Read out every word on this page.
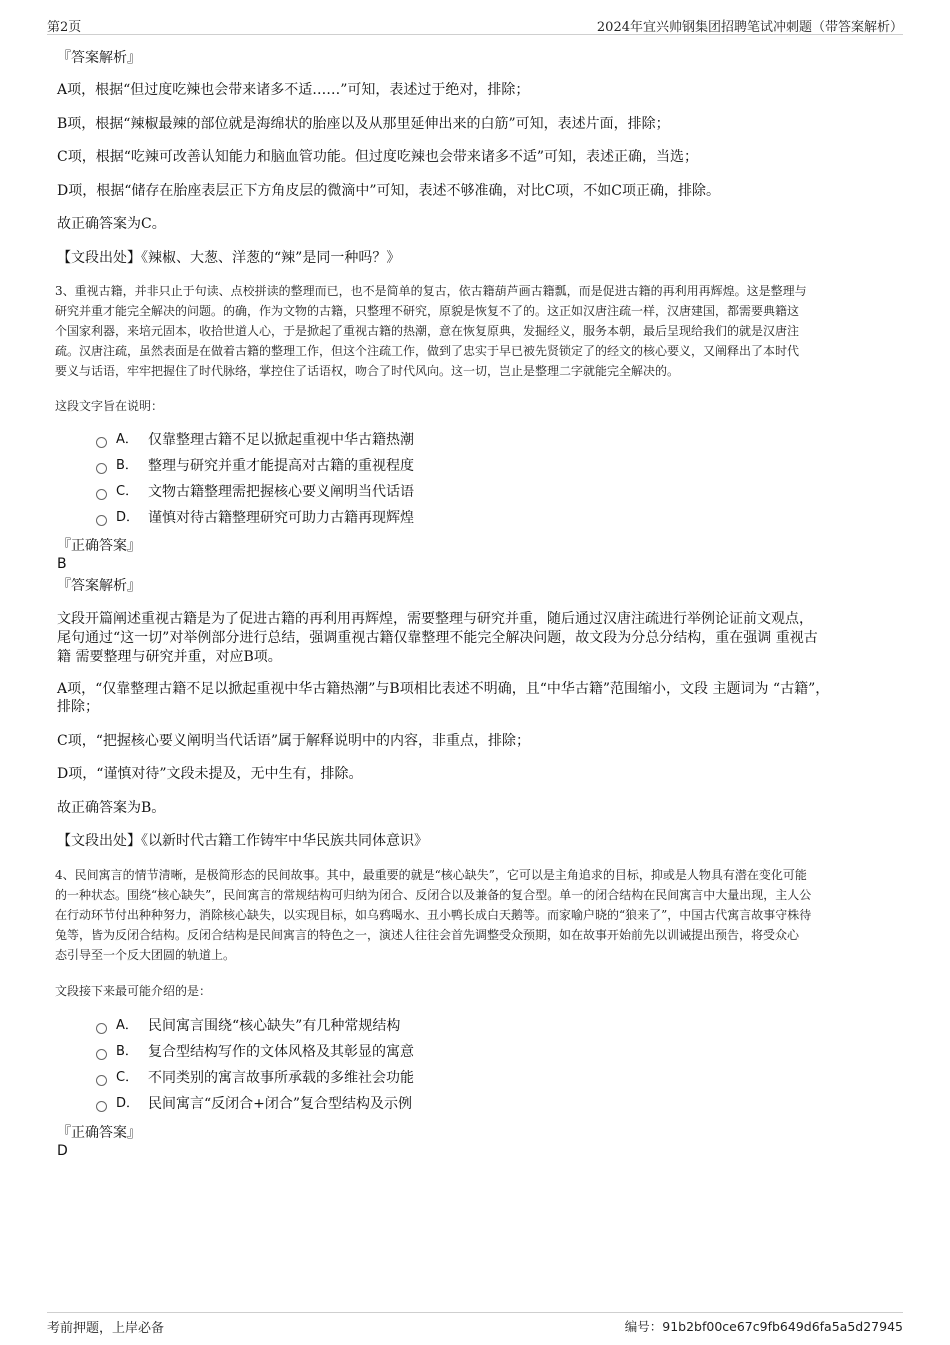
第2页	2024年宜兴帅钢集团招聘笔试冲刺题（带答案解析）
『答案解析』
A项，根据“但过度吃辣也会带来诸多不适……”可知，表述过于绝对，排除；
B项，根据“辣椒最辣的部位就是海绵状的胎座以及从那里延伸出来的白筋”可知，表述片面，排除；
C项，根据“吃辣可改善认知能力和脑血管功能。但过度吃辣也会带来诸多不适”可知，表述正确，当选；
D项，根据“储存在胎座表层正下方角皮层的微滴中”可知，表述不够准确，对比C项，不如C项正确，排除。
故正确答案为C。
【文段出处】《辣椒、大葱、洋葱的“辣”是同一种吗？》
3、重视古籍，并非只止于句读、点校拼读的整理而已，也不是简单的复古，依古籍葫芦画古籍瓢，而是促进古籍的再利用再辉煌。这是整理与
研究并重才能完全解决的问题。的确，作为文物的古籍，只整理不研究，原貌是恢复不了的。这正如汉唐注疏一样，汉唐建国，都需要典籍这
个国家利器，来培元固本，收拾世道人心，于是掀起了重视古籍的热潮，意在恢复原典，发掘经义，服务本朝，最后呈现给我们的就是汉唐注
疏。汉唐注疏，虽然表面是在做着古籍的整理工作，但这个注疏工作，做到了忠实于早已被先贤锁定了的经文的核心要义，又阐释出了本时代
要义与话语，牢牢把握住了时代脉络，掌控住了话语权，吻合了时代风向。这一切，岂止是整理二字就能完全解决的。
这段文字旨在说明：
A． 仅靠整理古籍不足以掀起重视中华古籍热潮
B． 整理与研究并重才能提高对古籍的重视程度
C． 文物古籍整理需把握核心要义阐明当代话语
D． 谨慎对待古籍整理研究可助力古籍再现辉煌
『正确答案』
B
『答案解析』
文段开篇阐述重视古籍是为了促进古籍的再利用再辉煌，需要整理与研究并重，随后通过汉唐注疏进行举例论证前文观点，
尾句通过“这一切”对举例部分进行总结，强调重视古籍仅靠整理不能完全解决问题，故文段为分总分结构，重在强调 重视古
籍 需要整理与研究并重，对应B项。
A项，“仅靠整理古籍不足以掀起重视中华古籍热潮”与B项相比表述不明确，且“中华古籍”范围缩小，文段 主题词为 “古籍”，
排除；
C项，“把握核心要义阐明当代话语”属于解释说明中的内容，非重点，排除；
D项，“谨慎对待”文段未提及，无中生有，排除。
故正确答案为B。
【文段出处】《以新时代古籍工作铸牢中华民族共同体意识》
4、民间寓言的情节清晰，是极简形态的民间故事。其中，最重要的就是“核心缺失”，它可以是主角追求的目标，抑或是人物具有潜在变化可能
的一种状态。围绕“核心缺失”，民间寓言的常规结构可归纳为闭合、反闭合以及兼备的复合型。单一的闭合结构在民间寓言中大量出现，主人公
在行动环节付出种种努力，消除核心缺失，以实现目标，如乌鸦喝水、丑小鸭长成白天鹅等。而家喻户晓的“狼来了”，中国古代寓言故事守株待
兔等，皆为反闭合结构。反闭合结构是民间寓言的特色之一，演述人往往会首先调整受众预期，如在故事开始前先以训诫提出预告，将受众心
态引导至一个反大团圆的轨道上。
文段接下来最可能介绍的是：
A． 民间寓言围绕“核心缺失”有几种常规结构
B． 复合型结构写作的文体风格及其彰显的寓意
C． 不同类别的寓言故事所承载的多维社会功能
D． 民间寓言“反闭合+闭合”复合型结构及示例
『正确答案』
D
考前押题，上岸必备	编号：91b2bf00ce67c9fb649d6fa5a5d27945
